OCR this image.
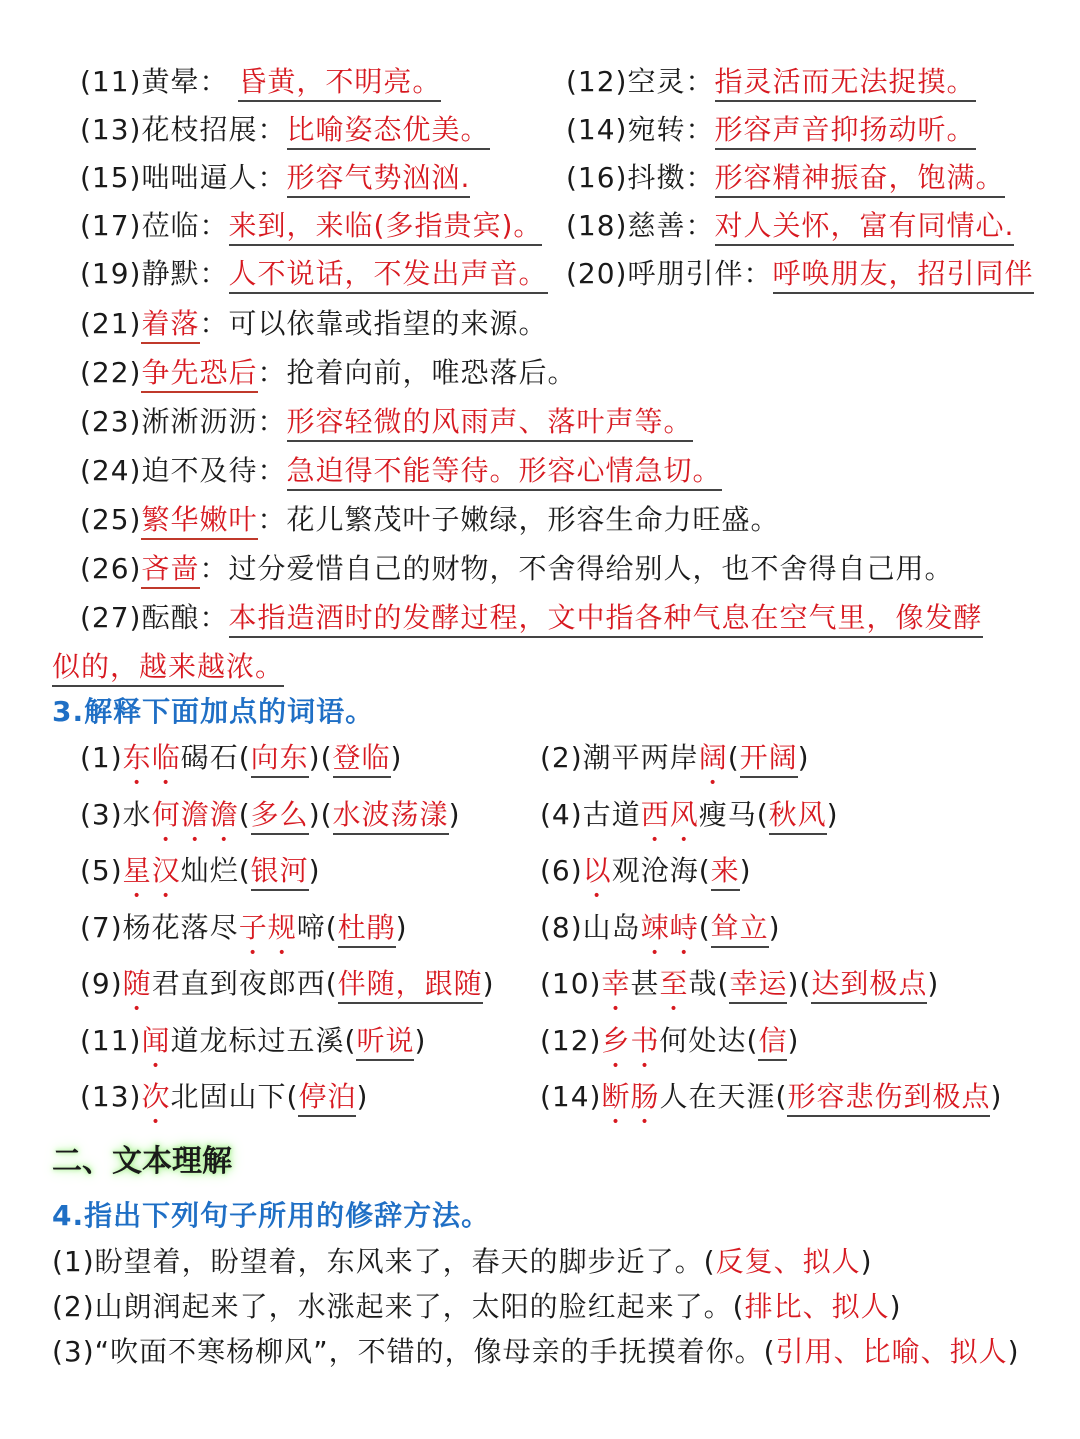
(11)黄晕： 昏黄，不明亮。	(12)空灵：指灵活而无法捉摸。
(13)花枝招展：比喻姿态优美。	(14)宛转：形容声音抑扬动听。
(15)咄咄逼人：形容气势汹汹.	(16)抖擞：形容精神振奋，饱满。
(17)莅临：来到，来临(多指贵宾)。 (18)慈善：对人关怀，富有同情心.
(19)静默：人不说话，不发出声音。 (20)呼朋引伴：呼唤朋友，招引同伴
(21)着落：可以依靠或指望的来源。
(22)争先恐后：抢着向前，唯恐落后。
(23)淅淅沥沥：形容轻微的风雨声、落叶声等。
(24)迫不及待：急迫得不能等待。形容心情急切。
(25)繁华嫩叶：花儿繁茂叶子嫩绿，形容生命力旺盛。
(26)吝啬：过分爱惜自己的财物，不舍得给别人，也不舍得自己用。
(27)酝酿：本指造酒时的发酵过程，文中指各种气息在空气里，像发酵
似的，越来越浓。
3.解释下面加点的词语。
(1)东临碣石(向东)(登临)	(2)潮平两岸阔(开阔)
(3)水何澹澹(多么)(水波荡漾)	(4)古道西风瘦马(秋风)
(5)星汉灿烂(银河)	(6)以观沧海(来)
(7)杨花落尽子规啼(杜鹃)	(8)山岛竦峙(耸立)
(9)随君直到夜郎西(伴随，跟随) (10)幸甚至哉(幸运)(达到极点)
(11)闻道龙标过五溪(听说)	(12)乡书何处达(信)
(13)次北固山下(停泊)	(14)断肠人在天涯(形容悲伤到极点)
二、文本理解
4.指出下列句子所用的修辞方法。
(1)盼望着，盼望着，东风来了，春天的脚步近了。(反复、拟人)
(2)山朗润起来了，水涨起来了，太阳的脸红起来了。(排比、拟人)
(3)“吹面不寒杨柳风”，不错的，像母亲的手抚摸着你。(引用、比喻、拟人)
